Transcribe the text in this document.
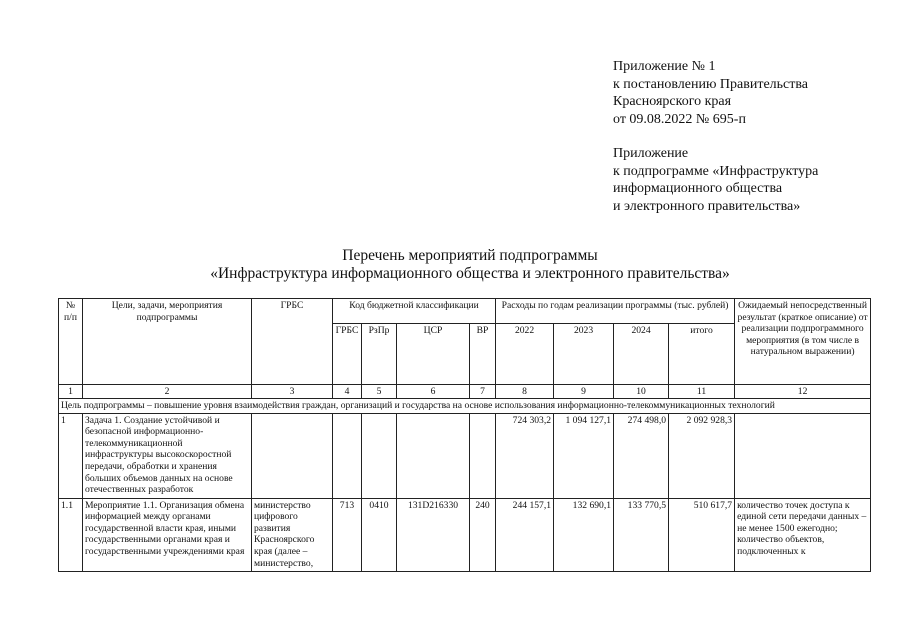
Приложение № 1
к постановлению Правительства
Красноярского края
от 09.08.2022 № 695-п
Приложение
к подпрограмме «Инфраструктура
информационного общества
и электронного правительства»
Перечень мероприятий подпрограммы
«Инфраструктура информационного общества и электронного правительства»
№ п/п	Цели, задачи, мероприятия подпрограммы	ГРБС	Код бюджетной классификации				Расходы по годам реализации программы (тыс. рублей)				Ожидаемый непосредственный результат (краткое описание) от реализации подпрограммного мероприятия (в том числе в натуральном выражении)
			ГРБС	РзПр	ЦСР	ВР	2022	2023	2024	итого	
1	2	3	4	5	6	7	8	9	10	11	12
Цель подпрограммы – повышение уровня взаимодействия граждан, организаций и государства на основе использования информационно-телекоммуникационных технологий											
1	Задача 1. Создание устойчивой и безопасной информационно-телекоммуникационной инфраструктуры высокоскоростной передачи, обработки и хранения больших объемов данных на основе отечественных разработок						724 303,2	1 094 127,1	274 498,0	2 092 928,3	
1.1	Мероприятие 1.1. Организация обмена информацией между органами государственной власти края, иными государственными органами края и государственными учреждениями края	министерство цифрового развития Красноярского края (далее – министерство,	713	0410	131D216330	240	244 157,1	132 690,1	133 770,5	510 617,7	количество точек доступа к единой сети передачи данных – не менее 1500 ежегодно; количество объектов, подключенных к
